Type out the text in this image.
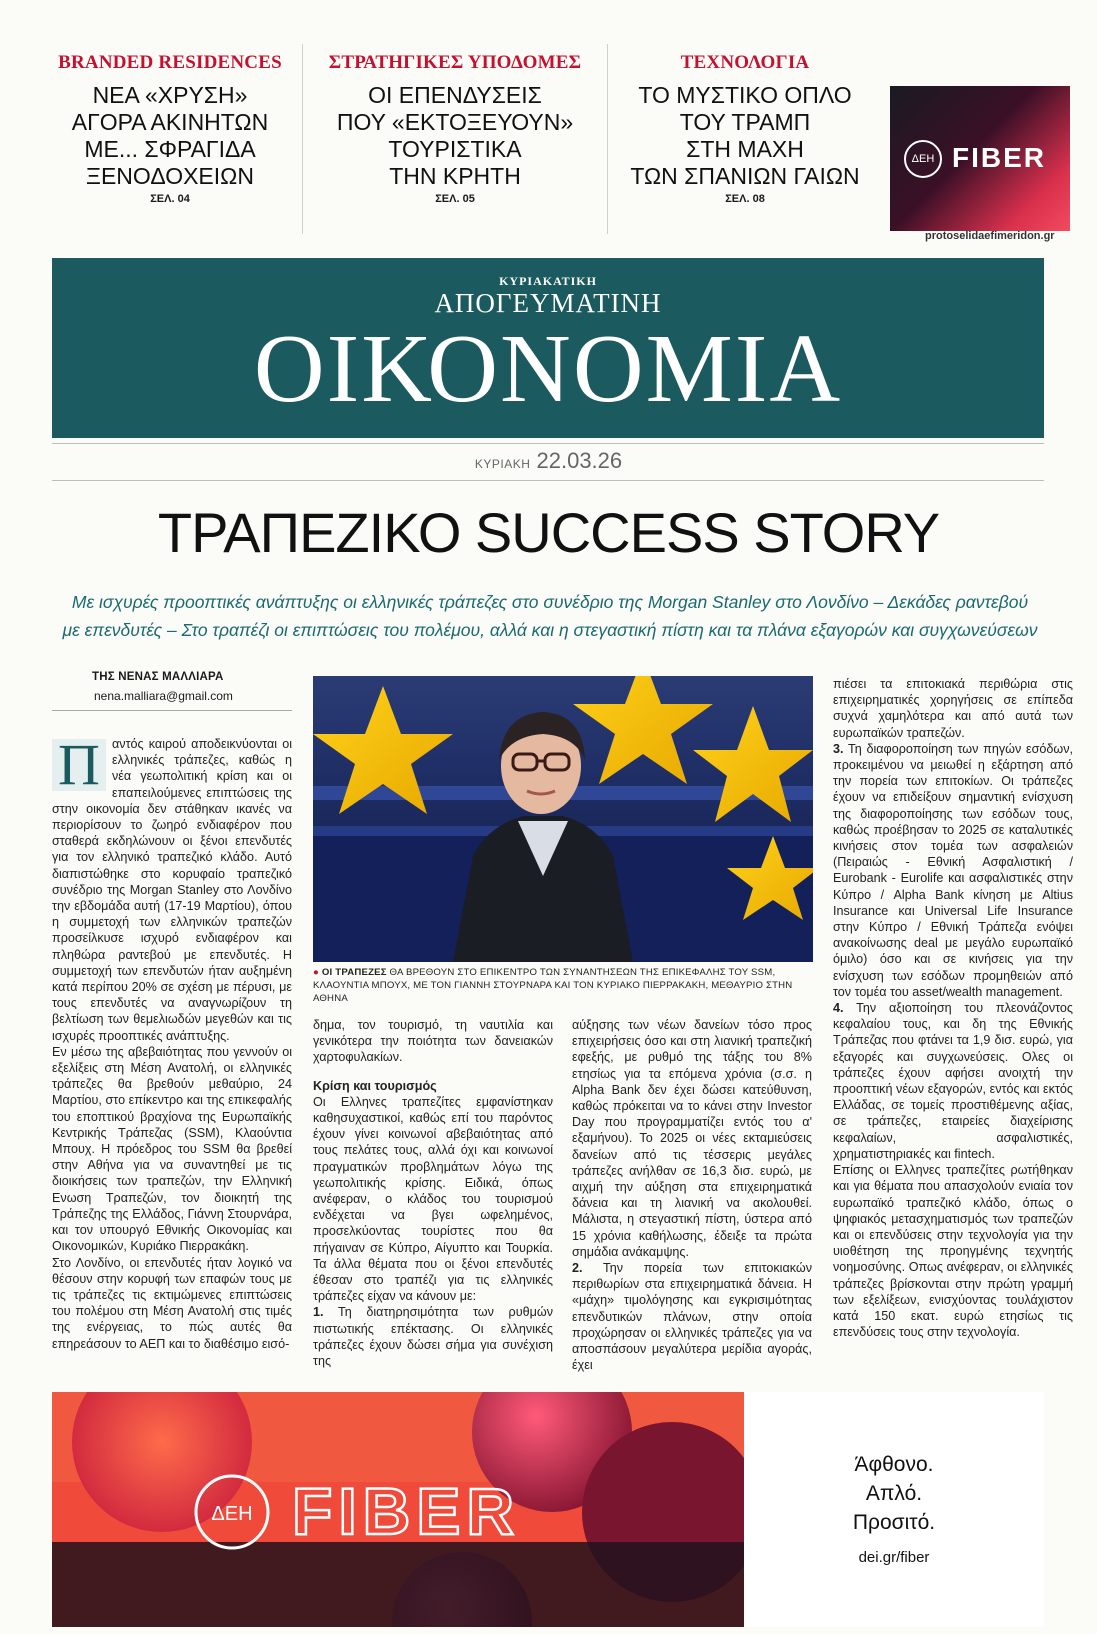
BRANDED RESIDENCES
ΝΕΑ «ΧΡΥΣΗ»
ΑΓΟΡΑ ΑΚΙΝΗΤΩΝ
ΜΕ... ΣΦΡΑΓΙΔΑ
ΞΕΝΟΔΟΧΕΙΩΝ
ΣΕΛ. 04
ΣΤΡΑΤΗΓΙΚΕΣ ΥΠΟΔΟΜΕΣ
ΟΙ ΕΠΕΝΔΥΣΕΙΣ
ΠΟΥ «ΕΚΤΟΞΕΥΟΥΝ»
ΤΟΥΡΙΣΤΙΚΑ
ΤΗΝ ΚΡΗΤΗ
ΣΕΛ. 05
ΤΕΧΝΟΛΟΓΙΑ
ΤΟ ΜΥΣΤΙΚΟ ΟΠΛΟ
ΤΟΥ ΤΡΑΜΠ
ΣΤΗ ΜΑΧΗ
ΤΩΝ ΣΠΑΝΙΩΝ ΓΑΙΩΝ
ΣΕΛ. 08
ΔΕΗ FIBER
protoselidaefimeridon.gr
ΚΥΡΙΑΚΑΤΙΚΗ
ΑΠΟΓΕΥΜΑΤΙΝΗ
ΟΙΚΟΝΟΜΙΑ
ΚΥΡΙΑΚΗ 22.03.26
ΤΡΑΠΕΖΙΚΟ SUCCESS STORY
Με ισχυρές προοπτικές ανάπτυξης οι ελληνικές τράπεζες στο συνέδριο της Morgan Stanley στο Λονδίνο – Δεκάδες ραντεβού
με επενδυτές – Στο τραπέζι οι επιπτώσεις του πολέμου, αλλά και η στεγαστική πίστη και τα πλάνα εξαγορών και συγχωνεύσεων
ΤΗΣ ΝΕΝΑΣ ΜΑΛΛΙΑΡΑ
nena.malliara@gmail.com

Π αντός καιρού αποδεικνύονται οι ελληνικές τράπεζες, καθώς η νέα γεωπολιτική κρίση και οι επαπειλούμενες επιπτώσεις της στην οικονομία δεν στάθηκαν ικανές να περιορίσουν το ζωηρό ενδιαφέρον που σταθερά εκδηλώνουν οι ξένοι επενδυτές για τον ελληνικό τραπεζικό κλάδο. Αυτό διαπιστώθηκε στο κορυφαίο τραπεζικό συνέδριο της Morgan Stanley στο Λονδίνο την εβδομάδα αυτή (17-19 Μαρτίου), όπου η συμμετοχή των ελληνικών τραπεζών προσείλκυσε ισχυρό ενδιαφέρον και πληθώρα ραντεβού με επενδυτές. Η συμμετοχή των επενδυτών ήταν αυξημένη κατά περίπου 20% σε σχέση με πέρυσι, με τους επενδυτές να αναγνωρίζουν τη βελτίωση των θεμελιωδών μεγεθών και τις ισχυρές προοπτικές ανάπτυξης.

Εν μέσω της αβεβαιότητας που γεννούν οι εξελίξεις στη Μέση Ανατολή, οι ελληνικές τράπεζες θα βρεθούν μεθαύριο, 24 Μαρτίου, στο επίκεντρο και της επικεφαλής του εποπτικού βραχίονα της Ευρωπαϊκής Κεντρικής Τράπεζας (SSM), Κλαούντια Μπουχ. Η πρόεδρος του SSM θα βρεθεί στην Αθήνα για να συναντηθεί με τις διοικήσεις των τραπεζών, την Ελληνική Ενωση Τραπεζών, τον διοικητή της Τράπεζης της Ελλάδος, Γιάννη Στουρνάρα, και τον υπουργό Εθνικής Οικονομίας και Οικονομικών, Κυριάκο Πιερρακάκη.

Στο Λονδίνο, οι επενδυτές ήταν λογικό να θέσουν στην κορυφή των επαφών τους με τις τράπεζες τις εκτιμώμενες επιπτώσεις του πολέμου στη Μέση Ανατολή στις τιμές της ενέργειας, το πώς αυτές θα επηρεάσουν το ΑΕΠ και το διαθέσιμο εισό-

● ΟΙ ΤΡΑΠΕΖΕΣ ΘΑ ΒΡΕΘΟΥΝ ΣΤΟ ΕΠΙΚΕΝΤΡΟ ΤΩΝ ΣΥΝΑΝΤΗΣΕΩΝ ΤΗΣ ΕΠΙΚΕΦΑΛΗΣ ΤΟΥ SSM, ΚΛΑΟΥΝΤΙΑ ΜΠΟΥΧ, ΜΕ ΤΟΝ ΓΙΑΝΝΗ ΣΤΟΥΡΝΑΡΑ ΚΑΙ ΤΟΝ ΚΥΡΙΑΚΟ ΠΙΕΡΡΑΚΑΚΗ, ΜΕΘΑΥΡΙΟ ΣΤΗΝ ΑΘΗΝΑ

δημα, τον τουρισμό, τη ναυτιλία και γενικότερα την ποιότητα των δανειακών χαρτοφυλακίων.

Κρίση και τουρισμός

Οι Ελληνες τραπεζίτες εμφανίστηκαν καθησυχαστικοί, καθώς επί του παρόντος έχουν γίνει κοινωνοί αβεβαιότητας από τους πελάτες τους, αλλά όχι και κοινωνοί πραγματικών προβλημάτων λόγω της γεωπολιτικής κρίσης. Ειδικά, όπως ανέφεραν, ο κλάδος του τουρισμού ενδέχεται να βγει ωφελημένος, προσελκύοντας τουρίστες που θα πήγαιναν σε Κύπρο, Αίγυπτο και Τουρκία. Τα άλλα θέματα που οι ξένοι επενδυτές έθεσαν στο τραπέζι για τις ελληνικές τράπεζες είχαν να κάνουν με:

1. Τη διατηρησιμότητα των ρυθμών πιστωτικής επέκτασης. Οι ελληνικές τράπεζες έχουν δώσει σήμα για συνέχιση της

αύξησης των νέων δανείων τόσο προς επιχειρήσεις όσο και στη λιανική τραπεζική εφεξής, με ρυθμό της τάξης του 8% ετησίως για τα επόμενα χρόνια (σ.σ. η Alpha Bank δεν έχει δώσει κατεύθυνση, καθώς πρόκειται να το κάνει στην Investor Day που προγραμματίζει εντός του α' εξαμήνου). Το 2025 οι νέες εκταμιεύσεις δανείων από τις τέσσερις μεγάλες τράπεζες ανήλθαν σε 16,3 δισ. ευρώ, με αιχμή την αύξηση στα επιχειρηματικά δάνεια και τη λιανική να ακολουθεί. Μάλιστα, η στεγαστική πίστη, ύστερα από 15 χρόνια καθήλωσης, έδειξε τα πρώτα σημάδια ανάκαμψης.

2. Την πορεία των επιτοκιακών περιθωρίων στα επιχειρηματικά δάνεια. Η «μάχη» τιμολόγησης και εγκρισιμότητας επενδυτικών πλάνων, στην οποία προχώρησαν οι ελληνικές τράπεζες για να αποσπάσουν μεγαλύτερα μερίδια αγοράς, έχει

πιέσει τα επιτοκιακά περιθώρια στις επιχειρηματικές χορηγήσεις σε επίπεδα συχνά χαμηλότερα και από αυτά των ευρωπαϊκών τραπεζών.

3. Τη διαφοροποίηση των πηγών εσόδων, προκειμένου να μειωθεί η εξάρτηση από την πορεία των επιτοκίων. Οι τράπεζες έχουν να επιδείξουν σημαντική ενίσχυση της διαφοροποίησης των εσόδων τους, καθώς προέβησαν το 2025 σε καταλυτικές κινήσεις στον τομέα των ασφαλειών (Πειραιώς - Εθνική Ασφαλιστική / Eurobank - Eurolife και ασφαλιστικές στην Κύπρο / Alpha Bank κίνηση με Altius Insurance και Universal Life Insurance στην Κύπρο / Εθνική Τράπεζα ενόψει ανακοίνωσης deal με μεγάλο ευρωπαϊκό όμιλο) όσο και σε κινήσεις για την ενίσχυση των εσόδων προμηθειών από τον τομέα του asset/wealth management.

4. Την αξιοποίηση του πλεονάζοντος κεφαλαίου τους, και δη της Εθνικής Τράπεζας που φτάνει τα 1,9 δισ. ευρώ, για εξαγορές και συγχωνεύσεις. Ολες οι τράπεζες έχουν αφήσει ανοιχτή την προοπτική νέων εξαγορών, εντός και εκτός Ελλάδας, σε τομείς προστιθέμενης αξίας, σε τράπεζες, εταιρείες διαχείρισης κεφαλαίων, ασφαλιστικές, χρηματιστηριακές και fintech.

Επίσης οι Ελληνες τραπεζίτες ρωτήθηκαν και για θέματα που απασχολούν ενιαία τον ευρωπαϊκό τραπεζικό κλάδο, όπως ο ψηφιακός μετασχηματισμός των τραπεζών και οι επενδύσεις στην τεχνολογία για την υιοθέτηση της προηγμένης τεχνητής νοημοσύνης. Οπως ανέφεραν, οι ελληνικές τράπεζες βρίσκονται στην πρώτη γραμμή των εξελίξεων, ενισχύοντας τουλάχιστον κατά 150 εκατ. ευρώ ετησίως τις επενδύσεις τους στην τεχνολογία.

ΔΕΗ FIBER
Άφθονο.
Απλό.
Προσιτό.
dei.gr/fiber
